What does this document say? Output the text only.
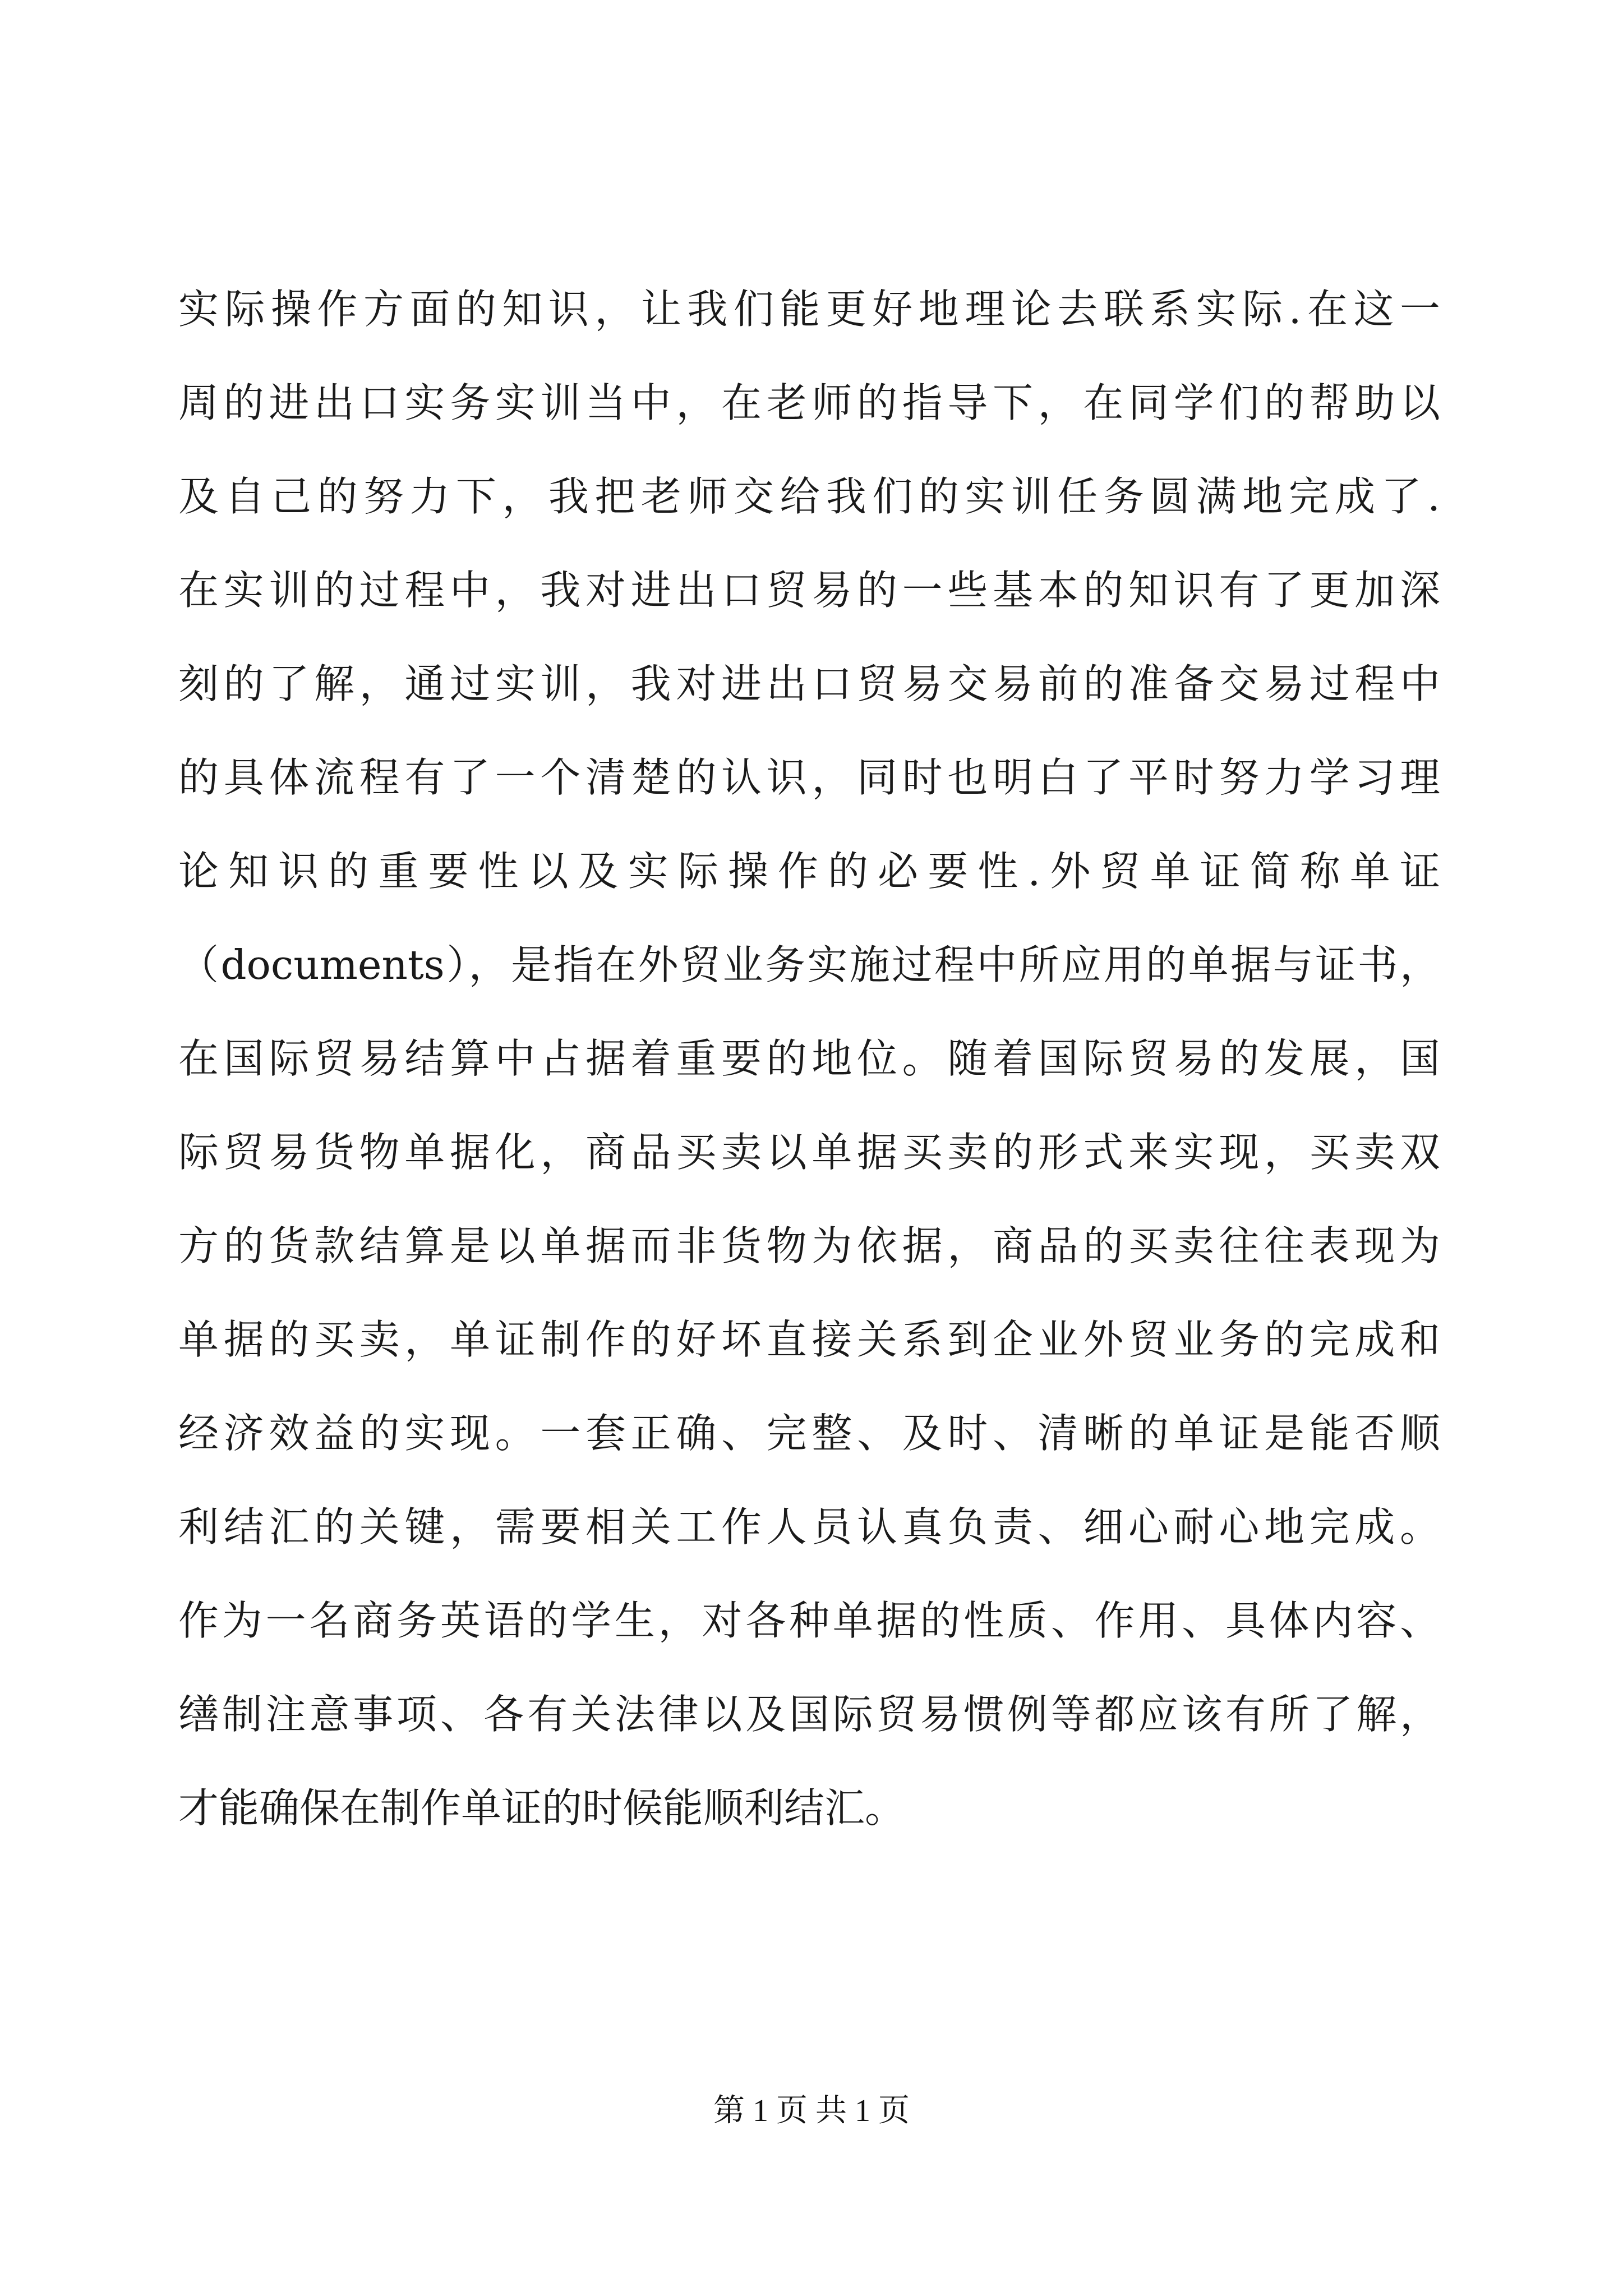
实际操作方面的知识，让我们能更好地理论去联系实际.在这一
周的进出口实务实训当中，在老师的指导下，在同学们的帮助以
及自己的努力下，我把老师交给我们的实训任务圆满地完成了.
在实训的过程中，我对进出口贸易的一些基本的知识有了更加深
刻的了解，通过实训，我对进出口贸易交易前的准备交易过程中
的具体流程有了一个清楚的认识，同时也明白了平时努力学习理
论知识的重要性以及实际操作的必要性.外贸单证简称单证
（documents），是指在外贸业务实施过程中所应用的单据与证书，
在国际贸易结算中占据着重要的地位。随着国际贸易的发展，国
际贸易货物单据化，商品买卖以单据买卖的形式来实现，买卖双
方的货款结算是以单据而非货物为依据，商品的买卖往往表现为
单据的买卖，单证制作的好坏直接关系到企业外贸业务的完成和
经济效益的实现。一套正确、完整、及时、清晰的单证是能否顺
利结汇的关键，需要相关工作人员认真负责、细心耐心地完成。
作为一名商务英语的学生，对各种单据的性质、作用、具体内容、
缮制注意事项、各有关法律以及国际贸易惯例等都应该有所了解，
才能确保在制作单证的时候能顺利结汇。
第 1 页 共 1 页
